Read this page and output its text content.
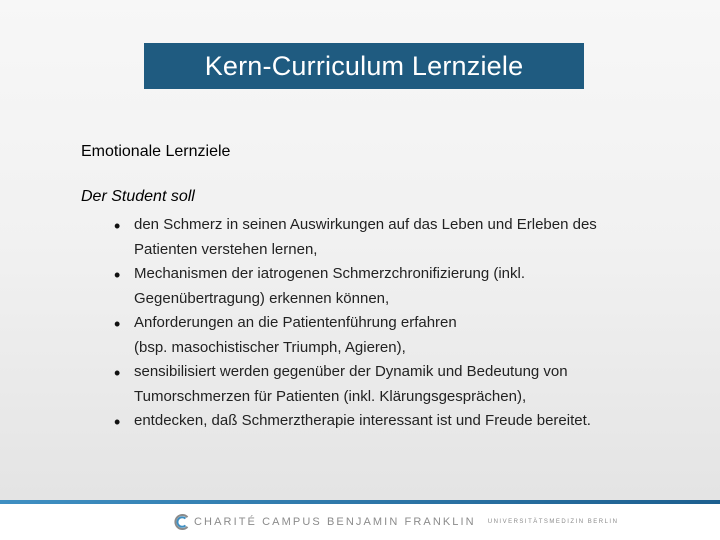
Kern-Curriculum Lernziele
Emotionale Lernziele
Der Student soll
• den Schmerz in seinen Auswirkungen auf das Leben und Erleben des
Patienten verstehen lernen,
• Mechanismen der iatrogenen Schmerzchronifizierung (inkl.
Gegenübertragung) erkennen können,
• Anforderungen an die Patientenführung erfahren
(bsp. masochistischer Triumph, Agieren),
• sensibilisiert werden gegenüber der Dynamik und Bedeutung von
Tumorschmerzen für Patienten (inkl. Klärungsgesprächen),
• entdecken, daß Schmerztherapie interessant ist und Freude bereitet.
CHARITÉ CAMPUS BENJAMIN FRANKLIN UNIVERSITÄTSMEDIZIN BERLIN
